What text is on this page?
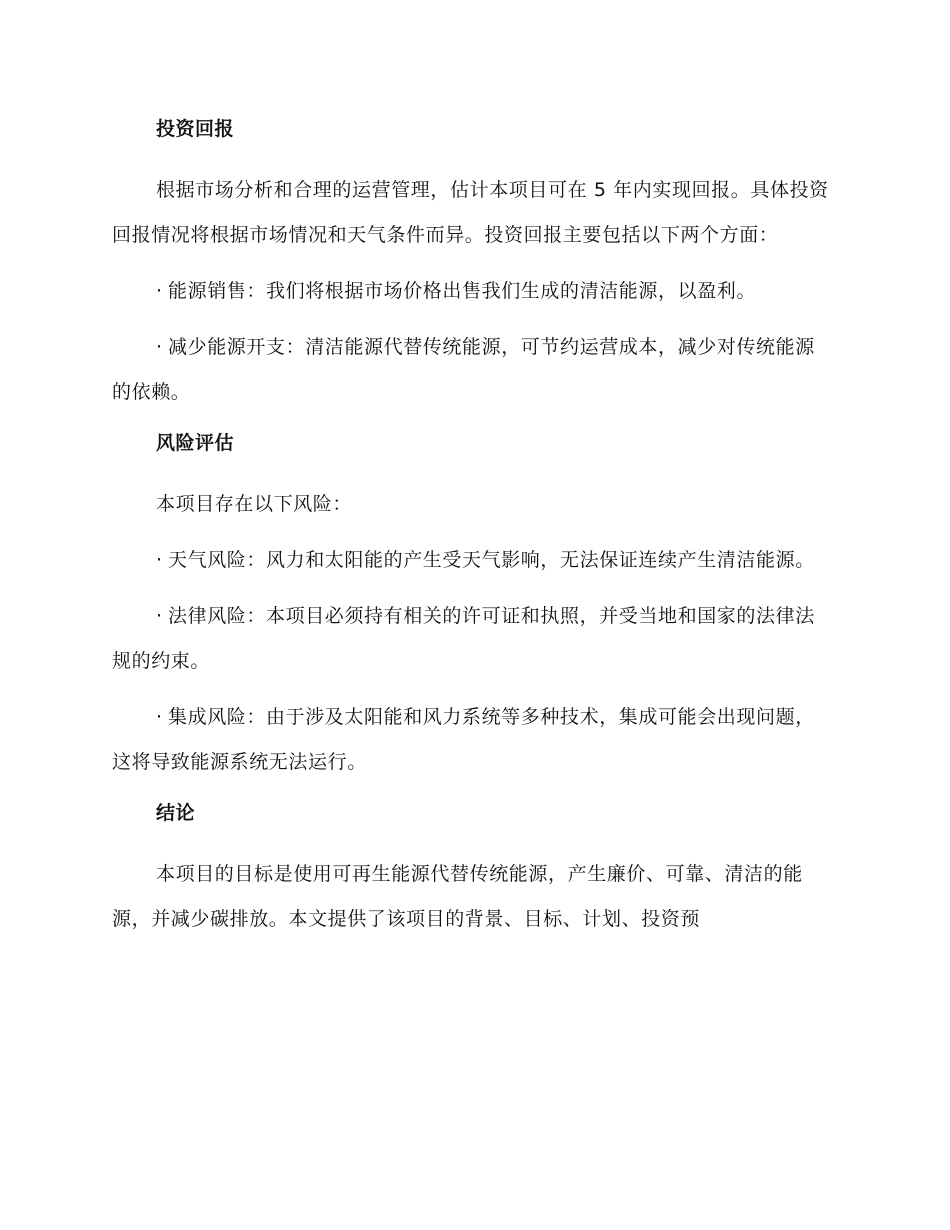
投资回报

根据市场分析和合理的运营管理，估计本项目可在 5 年内实现回报。具体投资回报情况将根据市场情况和天气条件而异。投资回报主要包括以下两个方面：

· 能源销售：我们将根据市场价格出售我们生成的清洁能源，以盈利。

· 减少能源开支：清洁能源代替传统能源，可节约运营成本，减少对传统能源的依赖。

风险评估

本项目存在以下风险：

· 天气风险：风力和太阳能的产生受天气影响，无法保证连续产生清洁能源。

· 法律风险：本项目必须持有相关的许可证和执照，并受当地和国家的法律法规的约束。

· 集成风险：由于涉及太阳能和风力系统等多种技术，集成可能会出现问题，这将导致能源系统无法运行。

结论

本项目的目标是使用可再生能源代替传统能源，产生廉价、可靠、清洁的能源，并减少碳排放。本文提供了该项目的背景、目标、计划、投资预
